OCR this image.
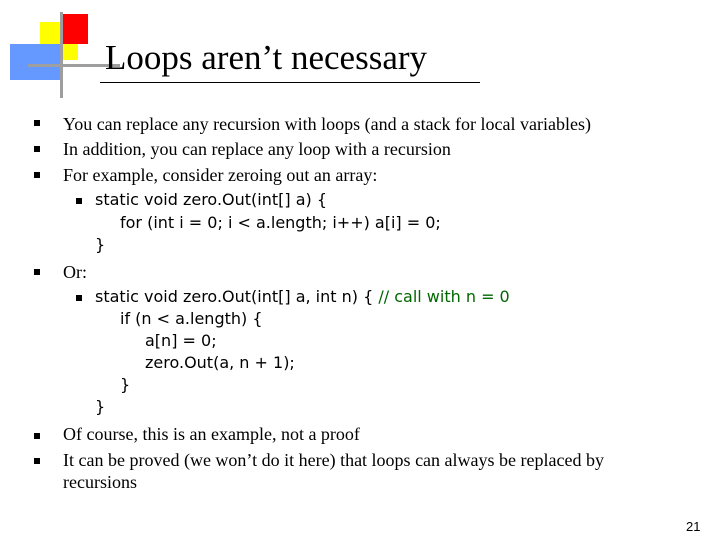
Loops aren’t necessary
You can replace any recursion with loops (and a stack for local variables)
In addition, you can replace any loop with a recursion
For example, consider zeroing out an array:
static void zero.Out(int[] a) {
for (int i = 0; i < a.length; i++) a[i] = 0;
}
Or:
static void zero.Out(int[] a, int n) { // call with n = 0
if (n < a.length) {
a[n] = 0;
zero.Out(a, n + 1);
}
}
Of course, this is an example, not a proof
It can be proved (we won’t do it here) that loops can always be replaced by
recursions
21
